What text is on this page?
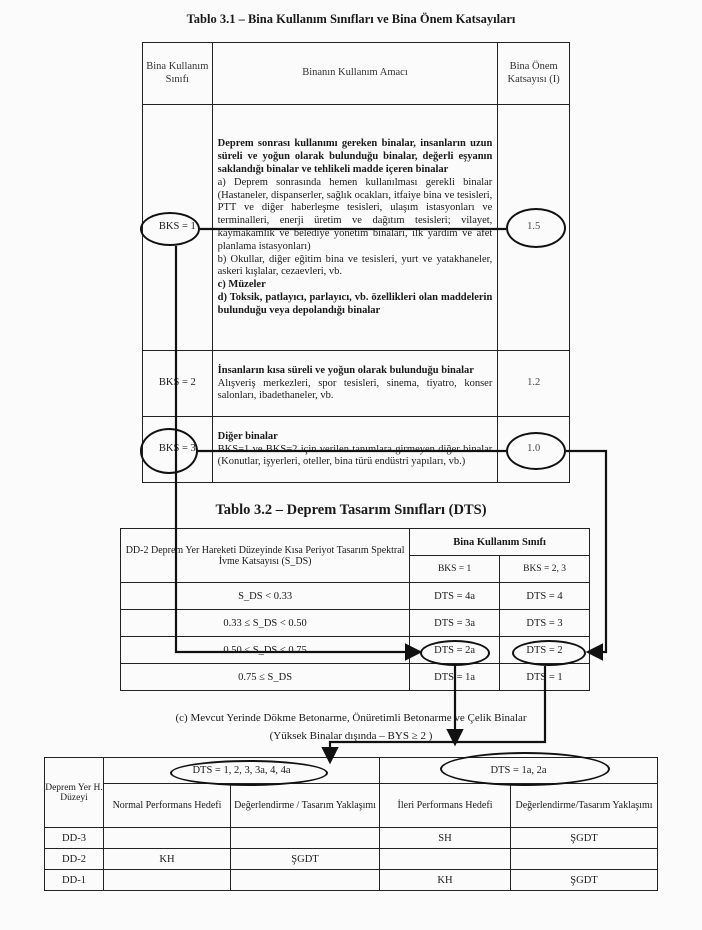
Tablo 3.1 – Bina Kullanım Sınıfları ve Bina Önem Katsayıları
Bina Kullanım Sınıfı	Binanın Kullanım Amacı	Bina Önem Katsayısı (I)
BKS = 1	Deprem sonrası kullanımı gereken binalar, insanların uzun süreli ve yoğun olarak bulunduğu binalar, değerli eşyanın saklandığı binalar ve tehlikeli madde içeren binalar
a) Deprem sonrasında hemen kullanılması gerekli binalar (Hastaneler, dispanserler, sağlık ocakları, itfaiye bina ve tesisleri, PTT ve diğer haberleşme tesisleri, ulaşım istasyonları ve terminalleri, enerji üretim ve dağıtım tesisleri; vilayet, kaymakamlık ve belediye yönetim binaları, ilk yardım ve afet planlama istasyonları)
b) Okullar, diğer eğitim bina ve tesisleri, yurt ve yatakhaneler, askeri kışlalar, cezaevleri, vb.
c) Müzeler
d) Toksik, patlayıcı, parlayıcı, vb. özellikleri olan maddelerin bulunduğu veya depolandığı binalar	1.5
BKS = 2	İnsanların kısa süreli ve yoğun olarak bulunduğu binalar
Alışveriş merkezleri, spor tesisleri, sinema, tiyatro, konser salonları, ibadethaneler, vb.	1.2
BKS = 3	Diğer binalar
BKS=1 ve BKS=2 için verilen tanımlara girmeyen diğer binalar (Konutlar, işyerleri, oteller, bina türü endüstri yapıları, vb.)	1.0
Tablo 3.2 – Deprem Tasarım Sınıfları (DTS)
DD-2 Deprem Yer Hareketi Düzeyinde Kısa Periyot Tasarım Spektral İvme Katsayısı (S_DS)	Bina Kullanım Sınıfı	
	BKS = 1	BKS = 2, 3
S_DS < 0.33	DTS = 4a	DTS = 4
0.33 ≤ S_DS < 0.50	DTS = 3a	DTS = 3
0.50 ≤ S_DS < 0.75	DTS = 2a	DTS = 2
0.75 ≤ S_DS	DTS = 1a	DTS = 1
(c) Mevcut Yerinde Dökme Betonarme, Önüretimli Betonarme ve Çelik Binalar
(Yüksek Binalar dışında – BYS ≥ 2 )
Deprem Yer H. Düzeyi	DTS = 1, 2, 3, 3a, 4, 4a		DTS = 1a, 2a	
	Normal Performans Hedefi	Değerlendirme / Tasarım Yaklaşımı	İleri Performans Hedefi	Değerlendirme/Tasarım Yaklaşımı
DD-3			SH	ŞGDT
DD-2	KH	ŞGDT		
DD-1			KH	ŞGDT
